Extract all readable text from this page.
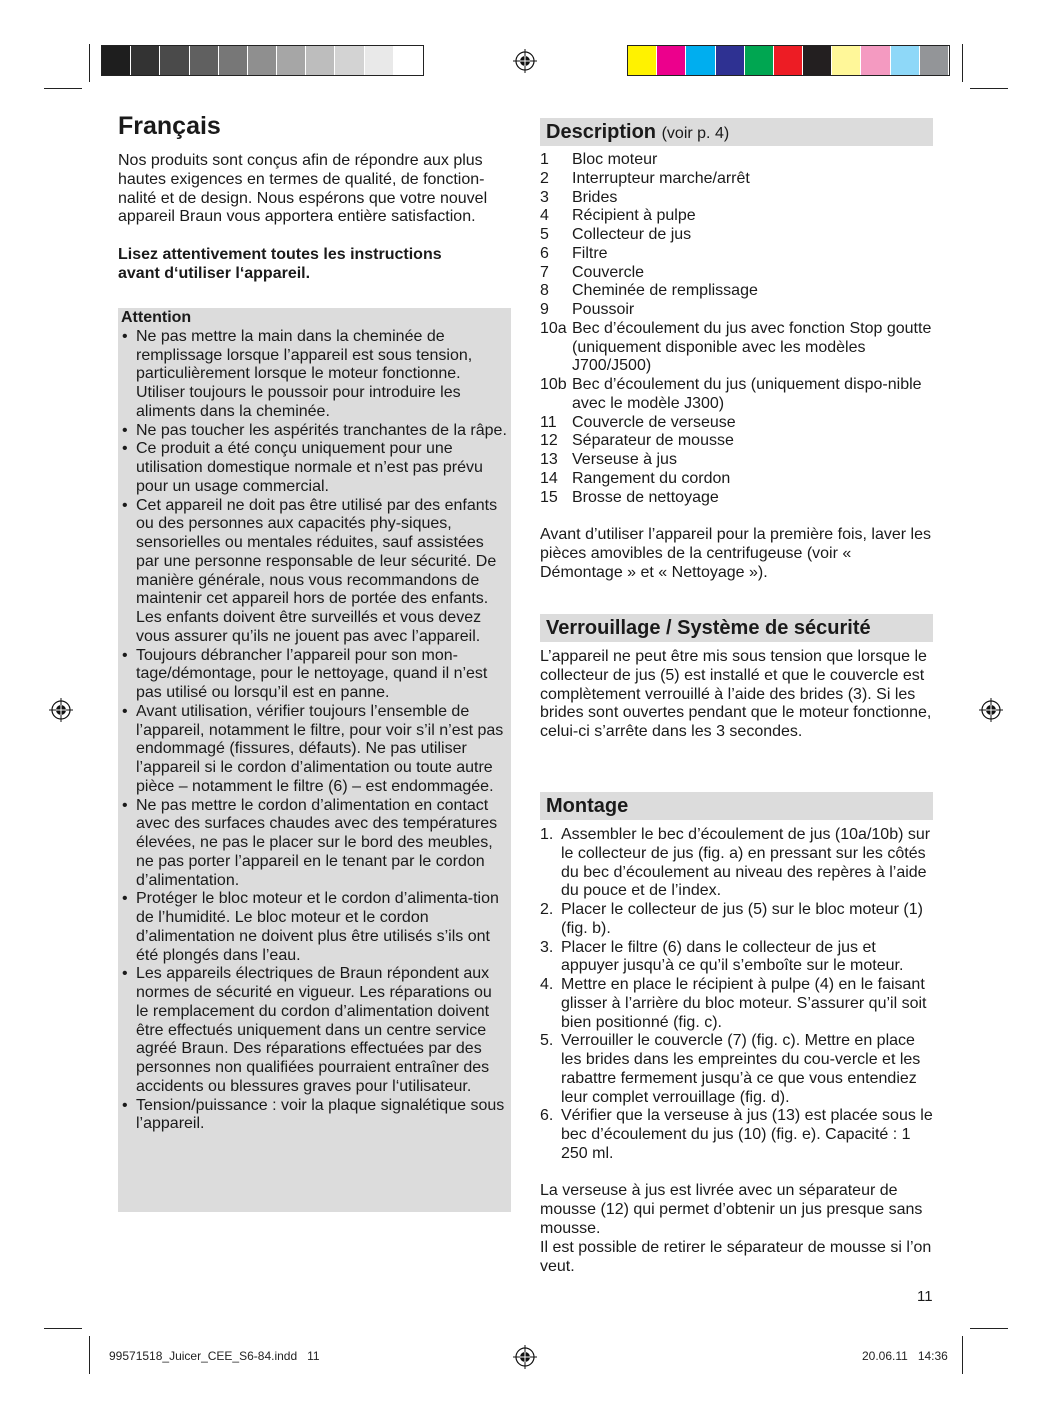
Français
Nos produits sont conçus afin de répondre aux plus
hautes exigences en termes de qualité, de fonction-
nalité et de design. Nous espérons que votre nouvel
appareil Braun vous apportera entière satisfaction.
Lisez attentivement toutes les instructions
avant d‘utiliser l‘appareil.
Attention
• Ne pas mettre la main dans la cheminée de remplissage lorsque l’appareil est sous tension, particulièrement lorsque le moteur fonctionne. Utiliser toujours le poussoir pour introduire les aliments dans la cheminée.
• Ne pas toucher les aspérités tranchantes de la râpe.
• Ce produit a été conçu uniquement pour une utilisation domestique normale et n’est pas prévu pour un usage commercial.
• Cet appareil ne doit pas être utilisé par des enfants ou des personnes aux capacités phy-siques, sensorielles ou mentales réduites, sauf assistées par une personne responsable de leur sécurité. De manière générale, nous vous recommandons de maintenir cet appareil hors de portée des enfants. Les enfants doivent être surveillés et vous devez vous assurer qu’ils ne jouent pas avec l’appareil.
• Toujours débrancher l’appareil pour son mon-tage/démontage, pour le nettoyage, quand il n’est pas utilisé ou lorsqu’il est en panne.
• Avant utilisation, vérifier toujours l’ensemble de l’appareil, notamment le filtre, pour voir s’il n’est pas endommagé (fissures, défauts). Ne pas utiliser l’appareil si le cordon d’alimentation ou toute autre pièce – notamment le filtre (6) – est endommagée.
• Ne pas mettre le cordon d’alimentation en contact avec des surfaces chaudes avec des températures élevées, ne pas le placer sur le bord des meubles, ne pas porter l’appareil en le tenant par le cordon d’alimentation.
• Protéger le bloc moteur et le cordon d’alimenta-tion de l’humidité. Le bloc moteur et le cordon d’alimentation ne doivent plus être utilisés s’ils ont été plongés dans l’eau.
• Les appareils électriques de Braun répondent aux normes de sécurité en vigueur. Les réparations ou le remplacement du cordon d’alimentation doivent être effectués uniquement dans un centre service agréé Braun. Des réparations effectuées par des personnes non qualifiées pourraient entraîner des accidents ou blessures graves pour l‘utilisateur.
• Tension/puissance : voir la plaque signalétique sous l’appareil.
Description (voir p. 4)
1	Bloc moteur
2	Interrupteur marche/arrêt
3	Brides
4	Récipient à pulpe
5	Collecteur de jus
6	Filtre
7	Couvercle
8	Cheminée de remplissage
9	Poussoir
10a Bec d’écoulement du jus avec fonction Stop goutte (uniquement disponible avec les modèles J700/J500)
10b Bec d’écoulement du jus (uniquement dispo-nible avec le modèle J300)
11 Couvercle de verseuse
12 Séparateur de mousse
13 Verseuse à jus
14 Rangement du cordon
15 Brosse de nettoyage
Avant d’utiliser l’appareil pour la première fois, laver les pièces amovibles de la centrifugeuse (voir « Démontage » et « Nettoyage »).
Verrouillage / Système de sécurité
L’appareil ne peut être mis sous tension que lorsque le collecteur de jus (5) est installé et que le couvercle est complètement verrouillé à l’aide des brides (3). Si les brides sont ouvertes pendant que le moteur fonctionne, celui-ci s’arrête dans les 3 secondes.
Montage
1. Assembler le bec d’écoulement de jus (10a/10b) sur le collecteur de jus (fig. a) en pressant sur les côtés du bec d’écoulement au niveau des repères à l’aide du pouce et de l’index.
2. Placer le collecteur de jus (5) sur le bloc moteur (1) (fig. b).
3. Placer le filtre (6) dans le collecteur de jus et appuyer jusqu’à ce qu’il s’emboîte sur le moteur.
4. Mettre en place le récipient à pulpe (4) en le faisant glisser à l’arrière du bloc moteur. S’assurer qu’il soit bien positionné (fig. c).
5. Verrouiller le couvercle (7) (fig. c). Mettre en place les brides dans les empreintes du cou-vercle et les rabattre fermement jusqu’à ce que vous entendiez leur complet verrouillage (fig. d).
6. Vérifier que la verseuse à jus (13) est placée sous le bec d’écoulement du jus (10) (fig. e). Capacité : 1 250 ml.
La verseuse à jus est livrée avec un séparateur de mousse (12) qui permet d’obtenir un jus presque sans mousse.
Il est possible de retirer le séparateur de mousse si l’on veut.
11
99571518_Juicer_CEE_S6-84.indd   11	20.06.11   14:36
